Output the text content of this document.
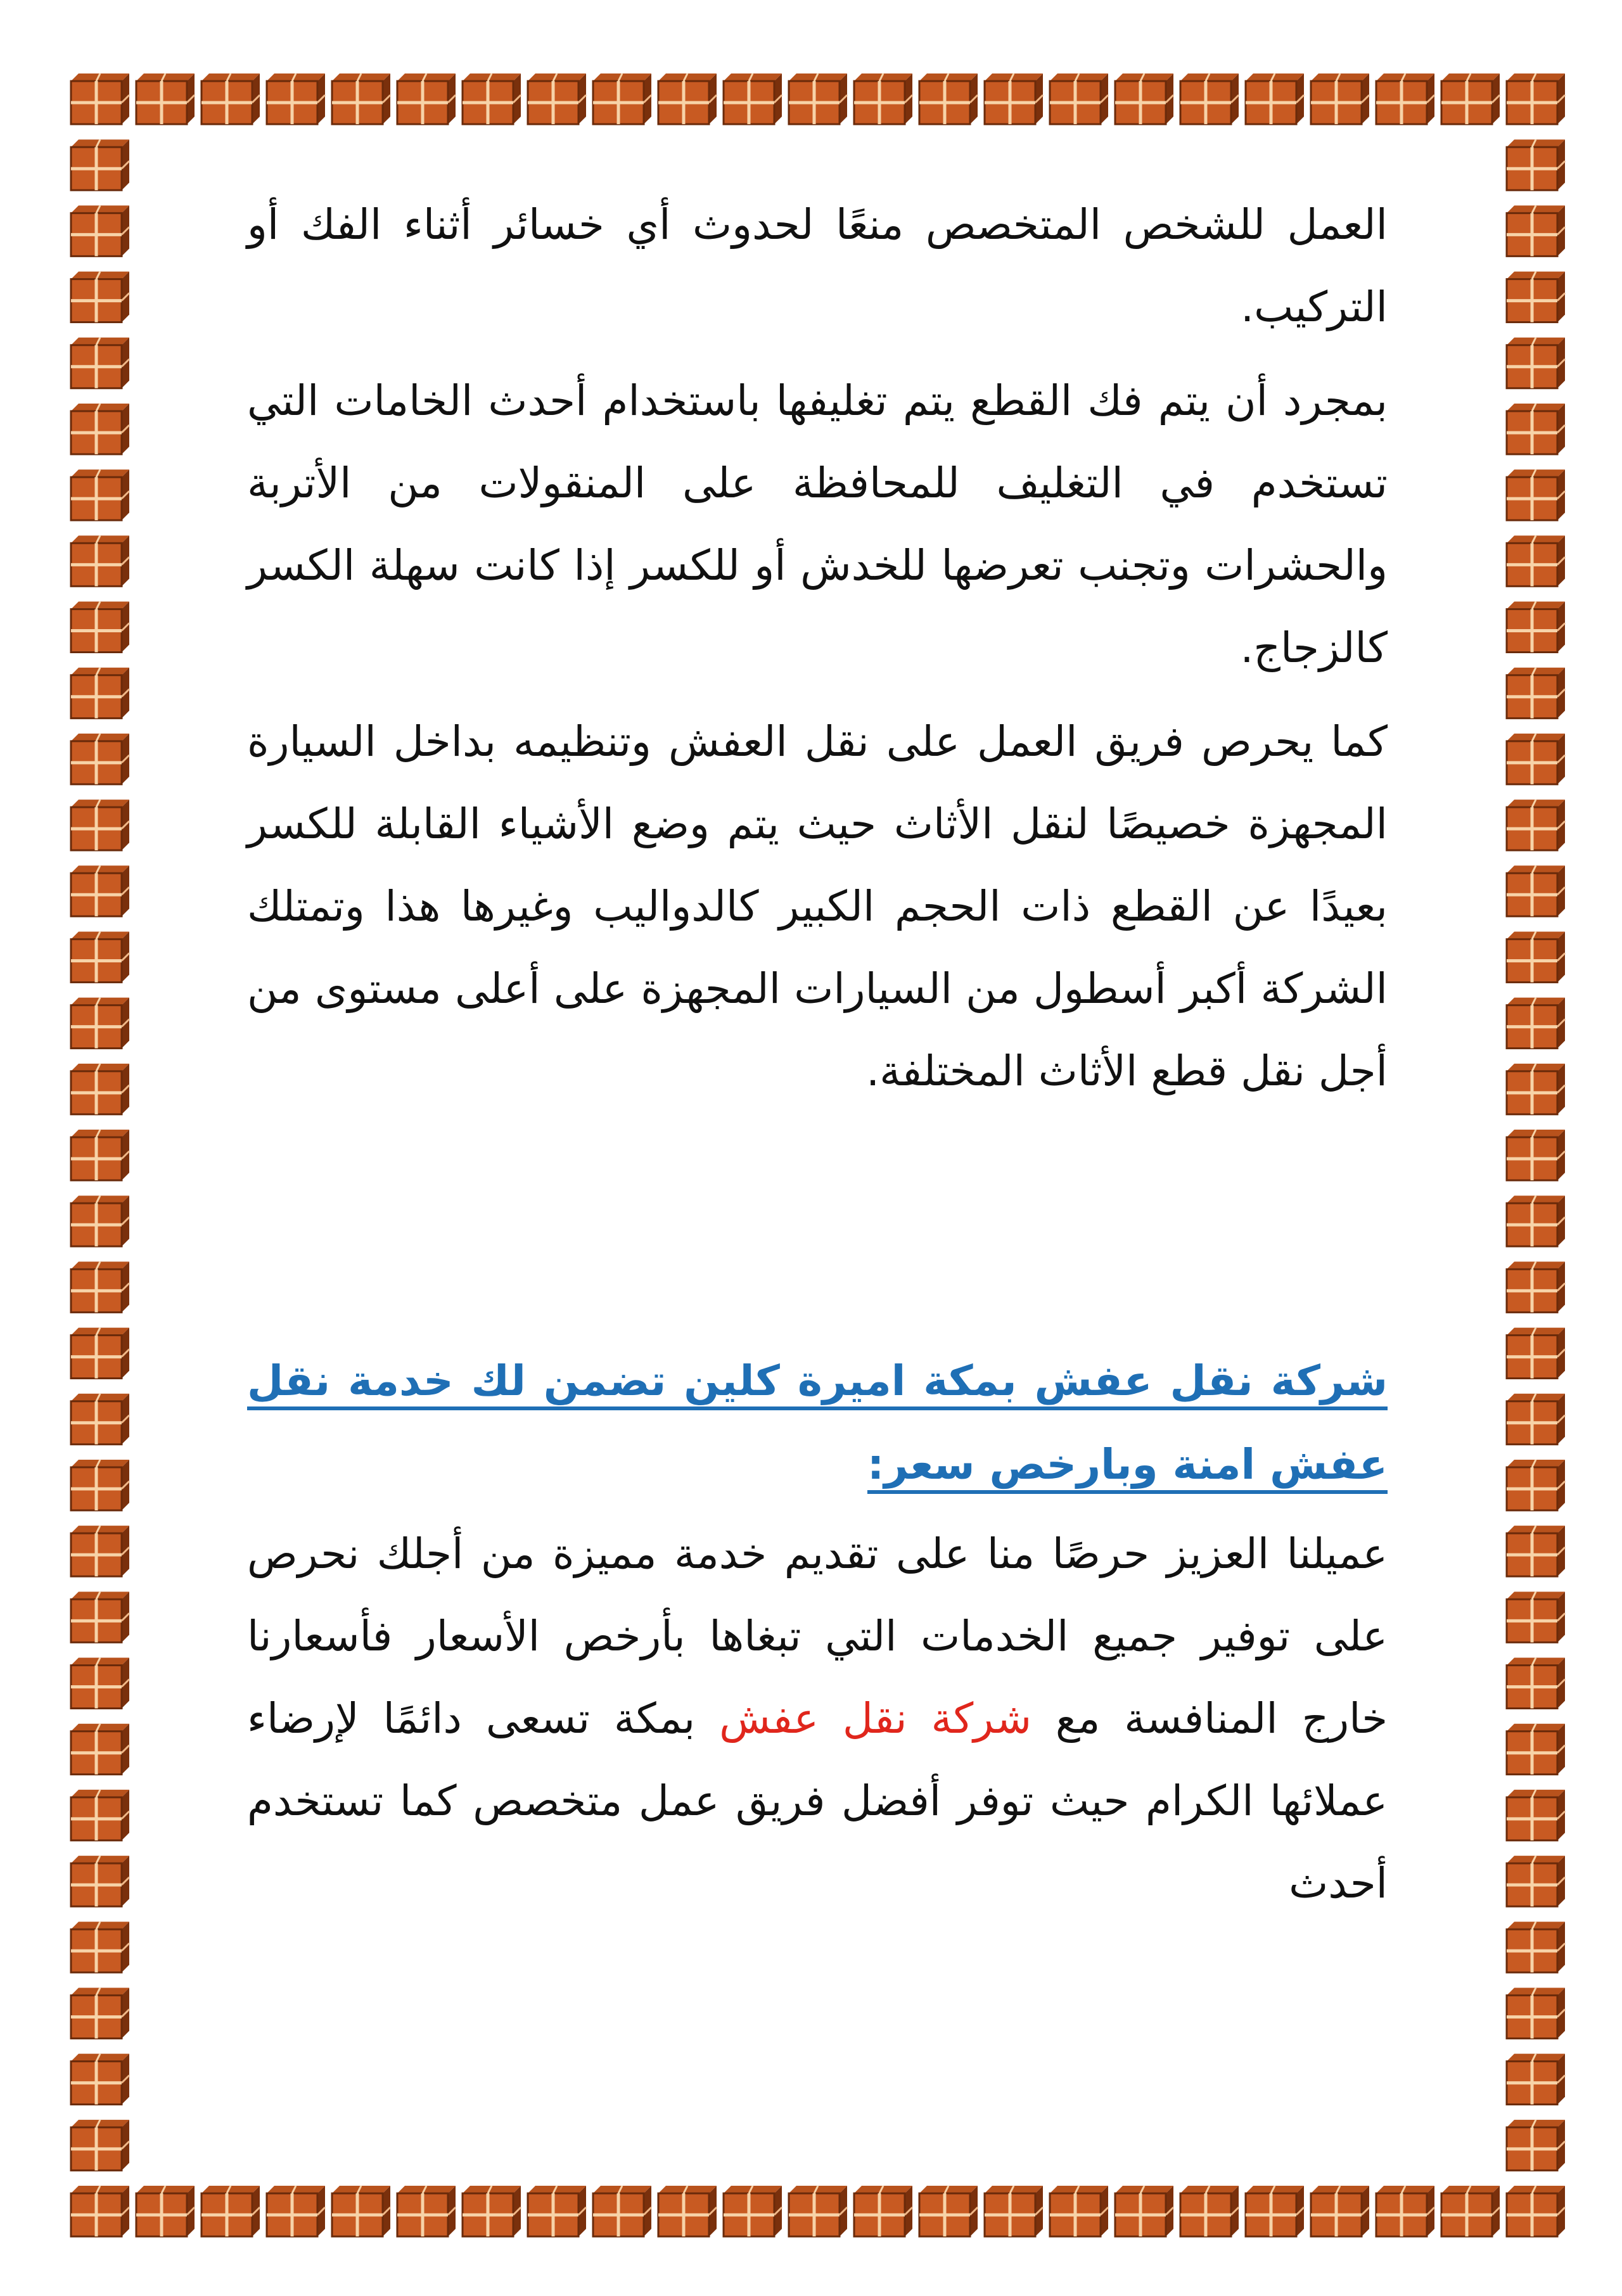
العمل للشخص المتخصص منعًا لحدوث أي خسائر أثناء الفك أو التركيب.

بمجرد أن يتم فك القطع يتم تغليفها باستخدام أحدث الخامات التي تستخدم في التغليف للمحافظة على المنقولات من الأتربة والحشرات وتجنب تعرضها للخدش أو للكسر إذا كانت سهلة الكسر كالزجاج.

كما يحرص فريق العمل على نقل العفش وتنظيمه بداخل السيارة المجهزة خصيصًا لنقل الأثاث حيث يتم وضع الأشياء القابلة للكسر بعيدًا عن القطع ذات الحجم الكبير كالدواليب وغيرها هذا وتمتلك الشركة أكبر أسطول من السيارات المجهزة على أعلى مستوى من أجل نقل قطع الأثاث المختلفة.

شركة نقل عفش بمكة اميرة كلين تضمن لك خدمة نقل عفش امنة وبارخص سعر:

عميلنا العزيز حرصًا منا على تقديم خدمة مميزة من أجلك نحرص على توفير جميع الخدمات التي تبغاها بأرخص الأسعار فأسعارنا خارج المنافسة مع شركة نقل عفش بمكة تسعى دائمًا لإرضاء عملائها الكرام حيث توفر أفضل فريق عمل متخصص كما تستخدم أحدث
